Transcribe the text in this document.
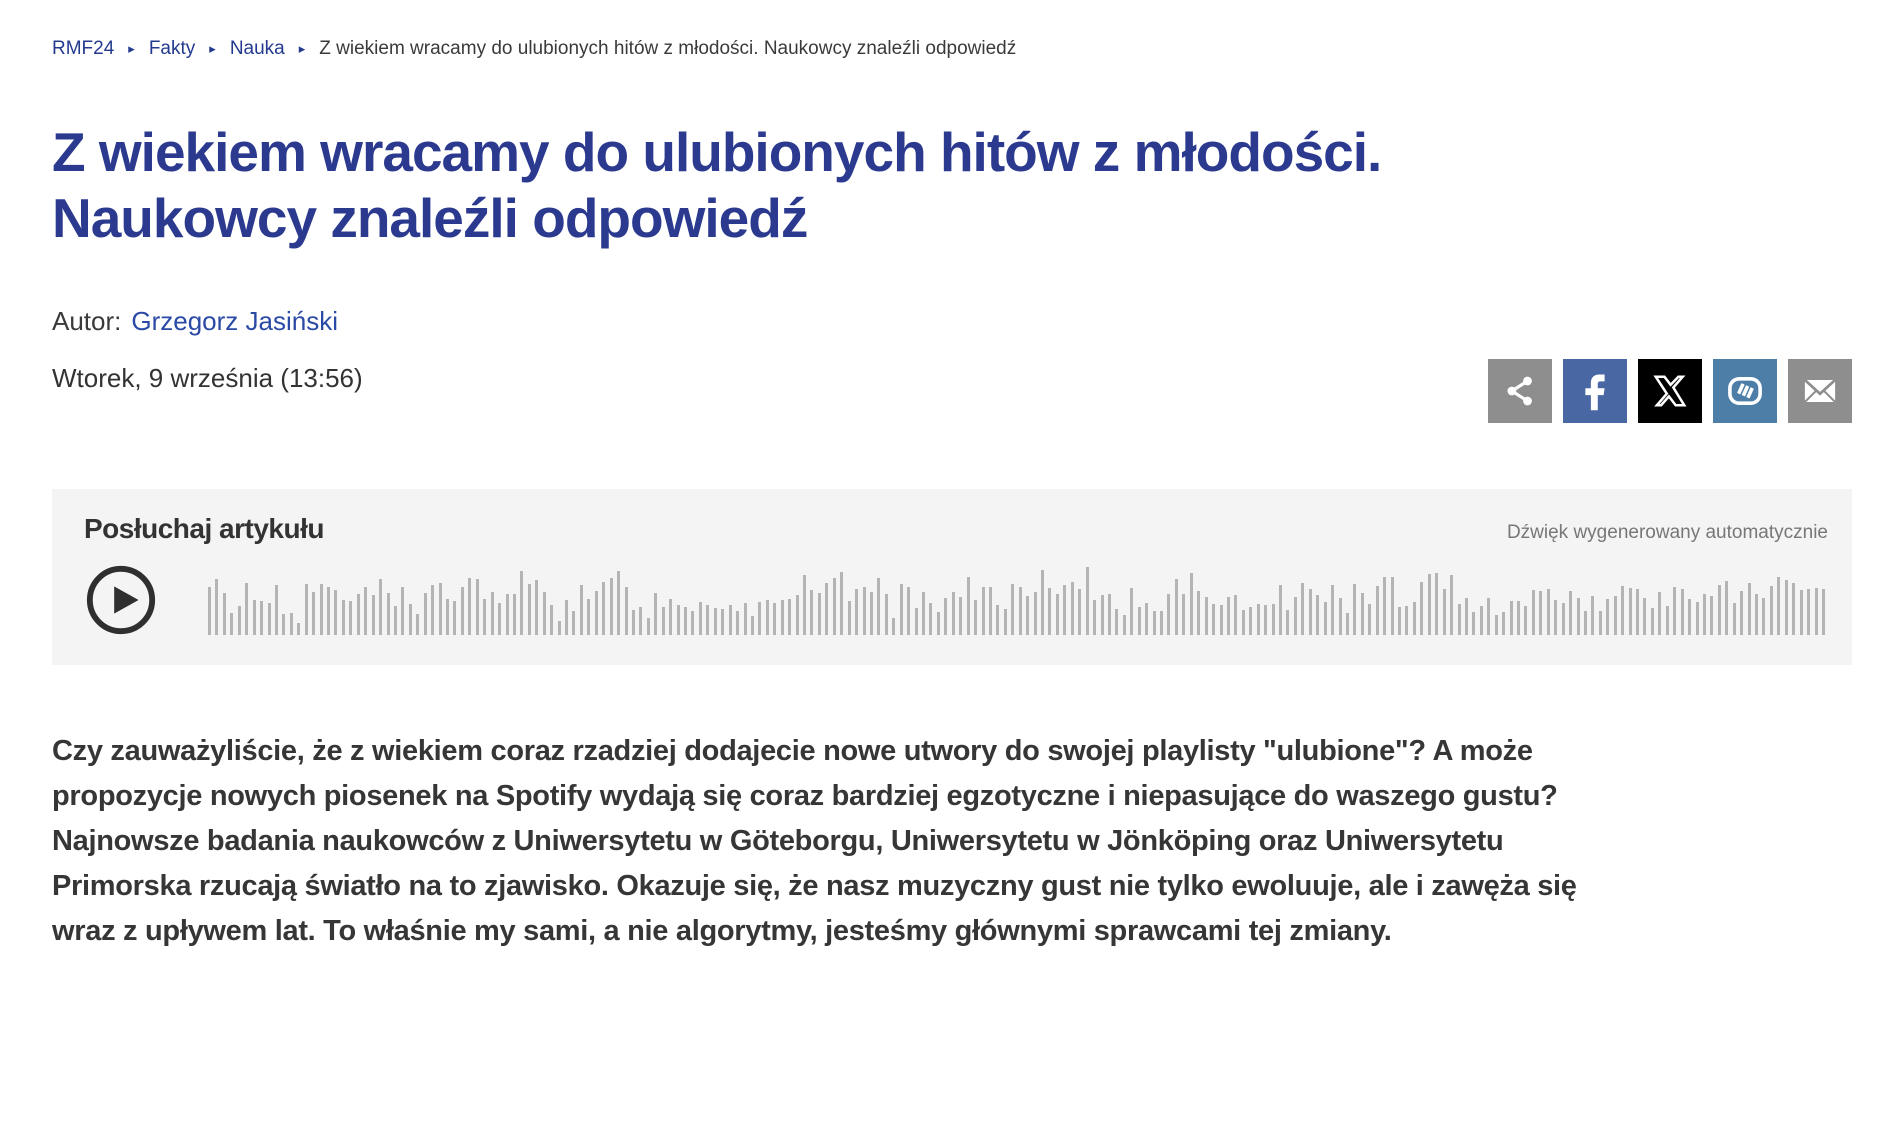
RMF24 ▸ Fakty ▸ Nauka ▸ Z wiekiem wracamy do ulubionych hitów z młodości. Naukowcy znaleźli odpowiedź
Z wiekiem wracamy do ulubionych hitów z młodości. Naukowcy znaleźli odpowiedź
Autor: Grzegorz Jasiński
Wtorek, 9 września (13:56)
Posłuchaj artykułu	Dźwięk wygenerowany automatycznie

Czy zauważyliście, że z wiekiem coraz rzadziej dodajecie nowe utwory do swojej playlisty "ulubione"? A może propozycje nowych piosenek na Spotify wydają się coraz bardziej egzotyczne i niepasujące do waszego gustu? Najnowsze badania naukowców z Uniwersytetu w Göteborgu, Uniwersytetu w Jönköping oraz Uniwersytetu Primorska rzucają światło na to zjawisko. Okazuje się, że nasz muzyczny gust nie tylko ewoluuje, ale i zawęża się wraz z upływem lat. To właśnie my sami, a nie algorytmy, jesteśmy głównymi sprawcami tej zmiany.
